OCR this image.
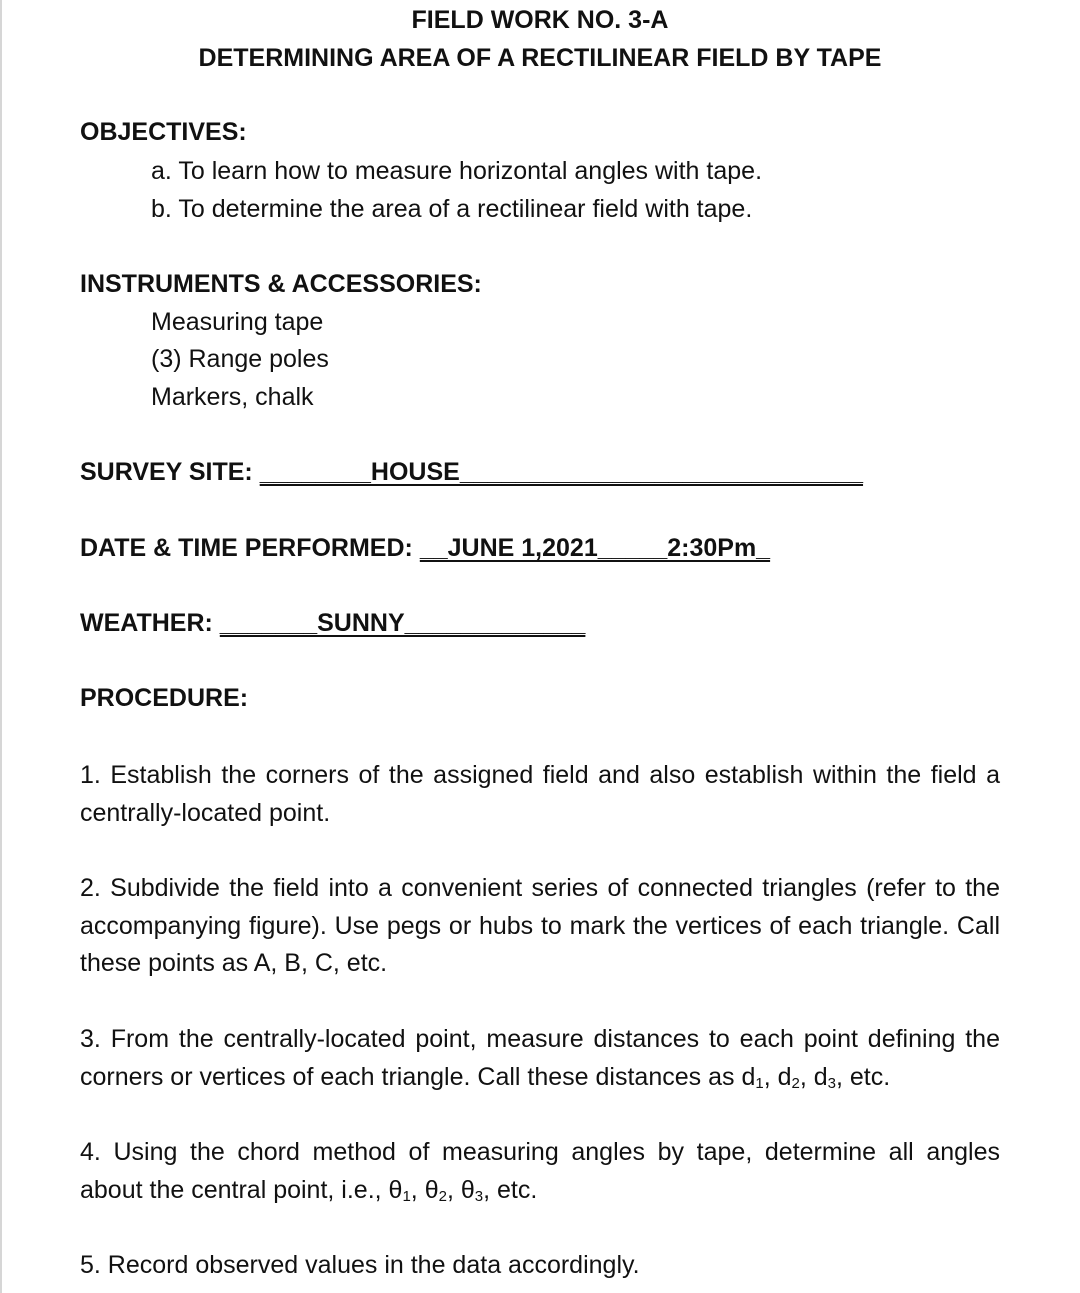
FIELD WORK NO. 3-A
DETERMINING AREA OF A RECTILINEAR FIELD BY TAPE
OBJECTIVES:
a. To learn how to measure horizontal angles with tape.
b. To determine the area of a rectilinear field with tape.
INSTRUMENTS & ACCESSORIES:
Measuring tape
(3) Range poles
Markers, chalk
SURVEY SITE: ________HOUSE_____________________________
DATE & TIME PERFORMED: __JUNE 1,2021_____2:30Pm_
WEATHER: _______SUNNY_____________
PROCEDURE:
1. Establish the corners of the assigned field and also establish within the field a centrally-located point.
2. Subdivide the field into a convenient series of connected triangles (refer to the accompanying figure). Use pegs or hubs to mark the vertices of each triangle. Call these points as A, B, C, etc.
3. From the centrally-located point, measure distances to each point defining the corners or vertices of each triangle. Call these distances as $d_1$, $d_2$, $d_3$, etc.
4. Using the chord method of measuring angles by tape, determine all angles about the central point, i.e., $\theta_1$, $\theta_2$, $\theta_3$, etc.
5. Record observed values in the data accordingly.
